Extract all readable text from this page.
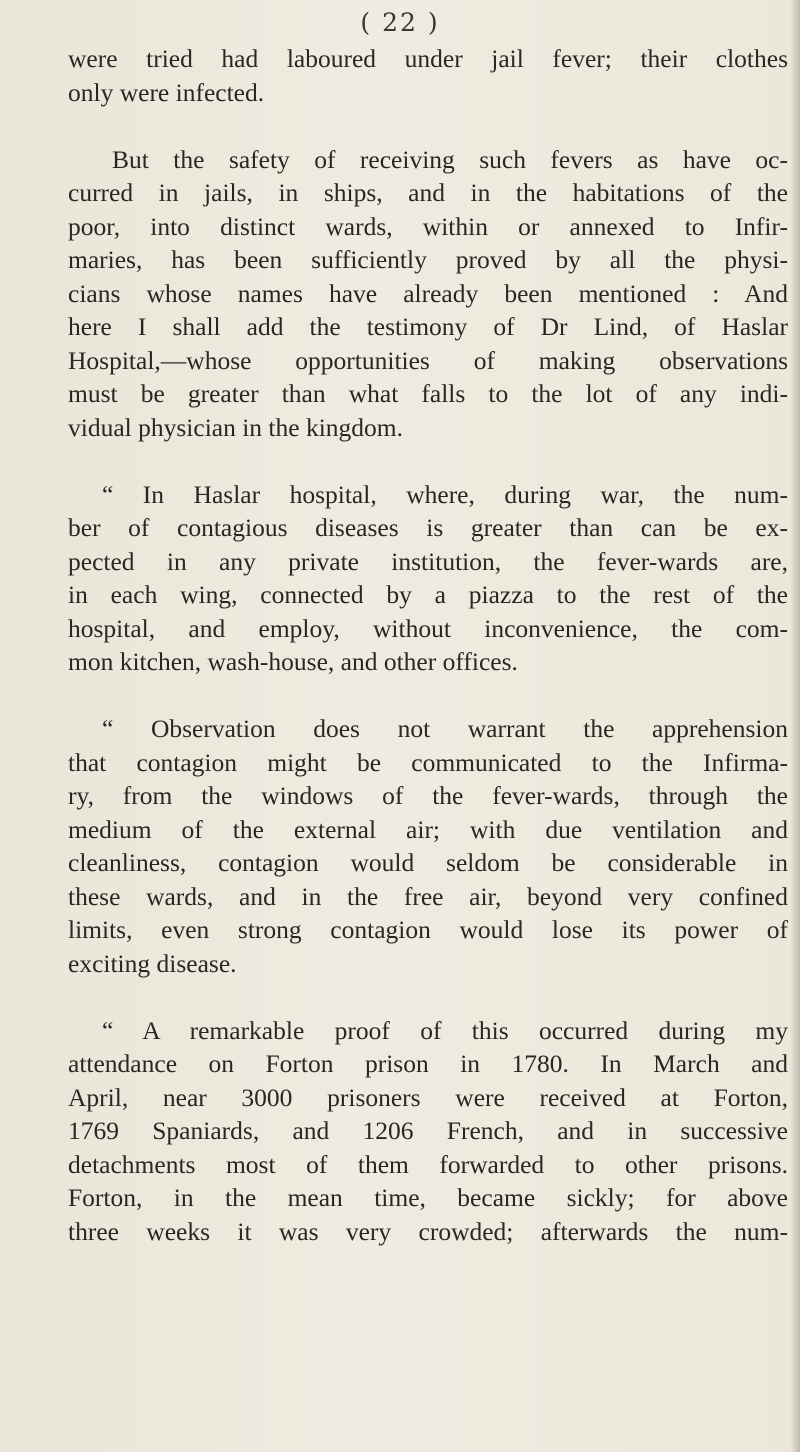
( 22 )
were tried had laboured under jail fever; their clothes
only were infected.
But the safety of receiving such fevers as have oc-
curred in jails, in ships, and in the habitations of the
poor, into distinct wards, within or annexed to Infir-
maries, has been sufficiently proved by all the physi-
cians whose names have already been mentioned : And
here I shall add the testimony of Dr Lind, of Haslar
Hospital,—whose opportunities of making observations
must be greater than what falls to the lot of any indi-
vidual physician in the kingdom.
“ In Haslar hospital, where, during war, the num-
ber of contagious diseases is greater than can be ex-
pected in any private institution, the fever-wards are,
in each wing, connected by a piazza to the rest of the
hospital, and employ, without inconvenience, the com-
mon kitchen, wash-house, and other offices.
“ Observation does not warrant the apprehension
that contagion might be communicated to the Infirma-
ry, from the windows of the fever-wards, through the
medium of the external air; with due ventilation and
cleanliness, contagion would seldom be considerable in
these wards, and in the free air, beyond very confined
limits, even strong contagion would lose its power of
exciting disease.
“ A remarkable proof of this occurred during my
attendance on Forton prison in 1780. In March and
April, near 3000 prisoners were received at Forton,
1769 Spaniards, and 1206 French, and in successive
detachments most of them forwarded to other prisons.
Forton, in the mean time, became sickly; for above
three weeks it was very crowded; afterwards the num-
